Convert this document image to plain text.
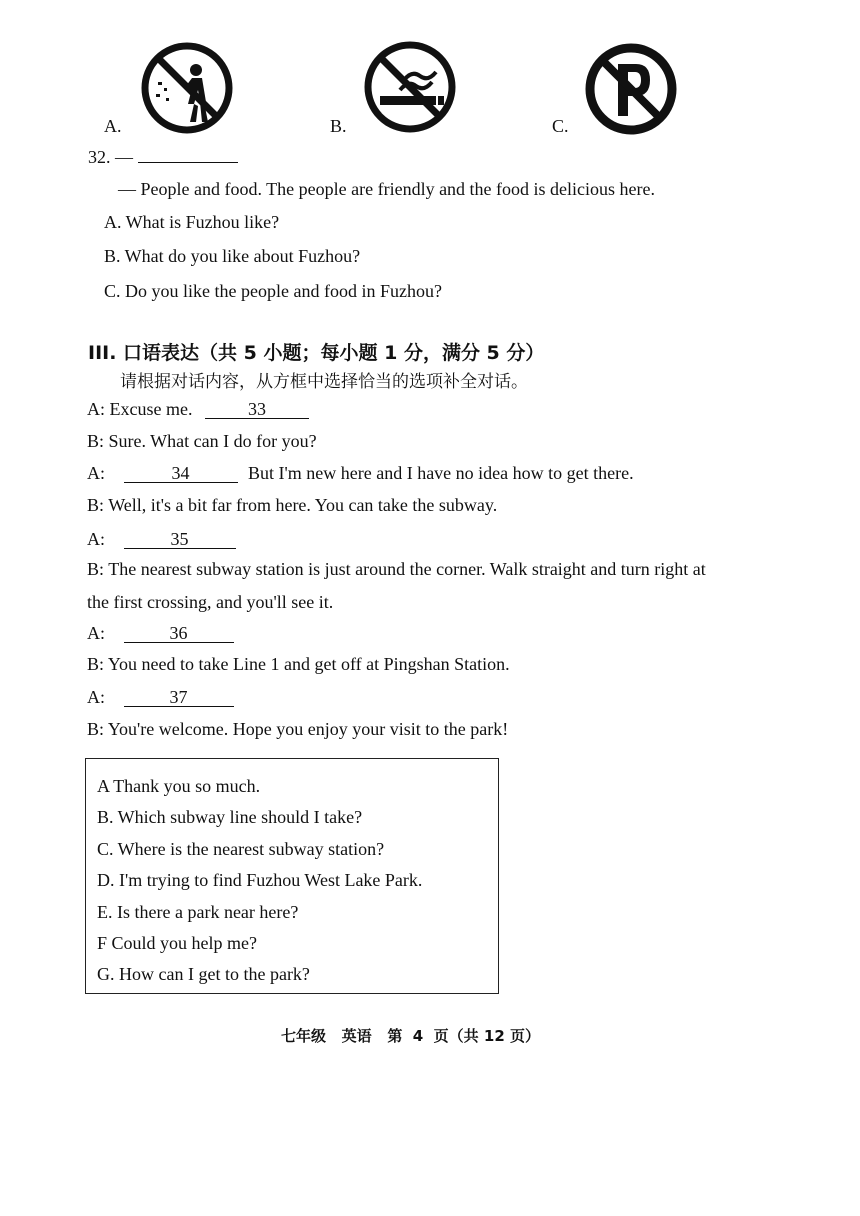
A.	B.	C.
32. —
— People and food. The people are friendly and the food is delicious here.
A. What is Fuzhou like?
B. What do you like about Fuzhou?
C. Do you like the people and food in Fuzhou?
III. 口语表达（共 5 小题；每小题 1 分，满分 5 分）
请根据对话内容，从方框中选择恰当的选项补全对话。
A: Excuse me.	33
B: Sure. What can I do for you?
A:	34	But I'm new here and I have no idea how to get there.
B: Well, it's a bit far from here. You can take the subway.
A:	35
B: The nearest subway station is just around the corner. Walk straight and turn right at
the first crossing, and you'll see it.
A:	36
B: You need to take Line 1 and get off at Pingshan Station.
A:	37
B: You're welcome. Hope you enjoy your visit to the park!
A Thank you so much.
B. Which subway line should I take?
C. Where is the nearest subway station?
D. I'm trying to find Fuzhou West Lake Park.
E. Is there a park near here?
F Could you help me?
G. How can I get to the park?
七年级   英语   第  4  页（共 12 页）
